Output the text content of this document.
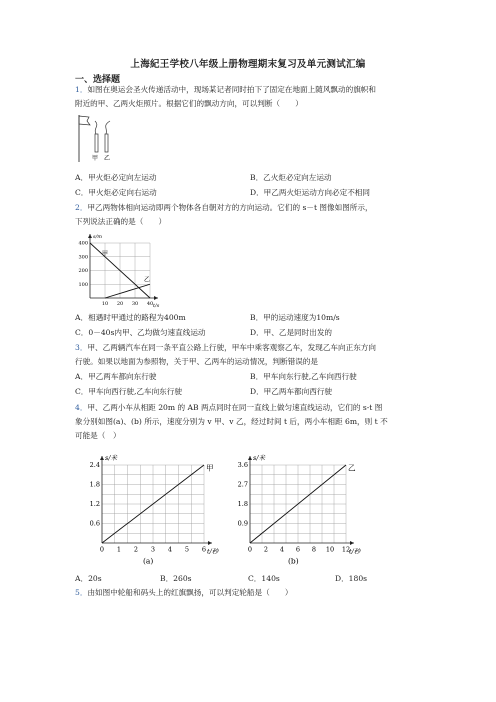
上海紀王学校八年级上册物理期末复习及单元测试汇编
一、选择题
1．如图在奥运会圣火传递活动中，现场某记者同时拍下了固定在地面上随风飘动的旗帜和
附近的甲、乙两火炬照片。根据它们的飘动方向，可以判断（　　）
甲 乙
A．甲火炬必定向左运动	B．乙火炬必定向左运动
C．甲火炬必定向右运动	D．甲乙两火炬运动方向必定不相同
2．甲乙两物体相向运动即两个物体各自朝对方的方向运动。它们的 s－t 图像如图所示，
下列说法正确的是（　　）
s/m
t/s
10 20 30 40
100
200
300
400
甲
乙
A．相遇时甲通过的路程为400m	B．甲的运动速度为10m/s
C．0－40s内甲、乙均做匀速直线运动	D．甲、乙是同时出发的
3．甲、乙两辆汽车在同一条平直公路上行驶，甲车中乘客观察乙车，发现乙车向正东方向
行驶。如果以地面为参照物，关于甲、乙两车的运动情况，判断错误的是
A．甲乙两车都向东行驶	B．甲车向东行驶,乙车向西行驶
C．甲车向西行驶,乙车向东行驶	D．甲乙两车都向西行驶
4．甲、乙两小车从相距 20m 的 AB 两点同时在同一直线上做匀速直线运动，它们的 s-t 图
象分别如图(a)、(b) 所示，速度分别为 v 甲、v 乙，经过时间 t 后，两小车相距 6m，则 t 不
可能是（　）
s/米
t/秒
0 1 2 3 4 5 6
0.6
1.2
1.8
2.4	甲
(a)
s/米
t/秒
0 2 4 6 8 10 12
0.9
1.8
2.7
3.6	乙
(b)
A．20s	B．260s	C．140s	D．180s
5．由如图中轮船和码头上的红旗飘扬，可以判定轮船是（　　）
